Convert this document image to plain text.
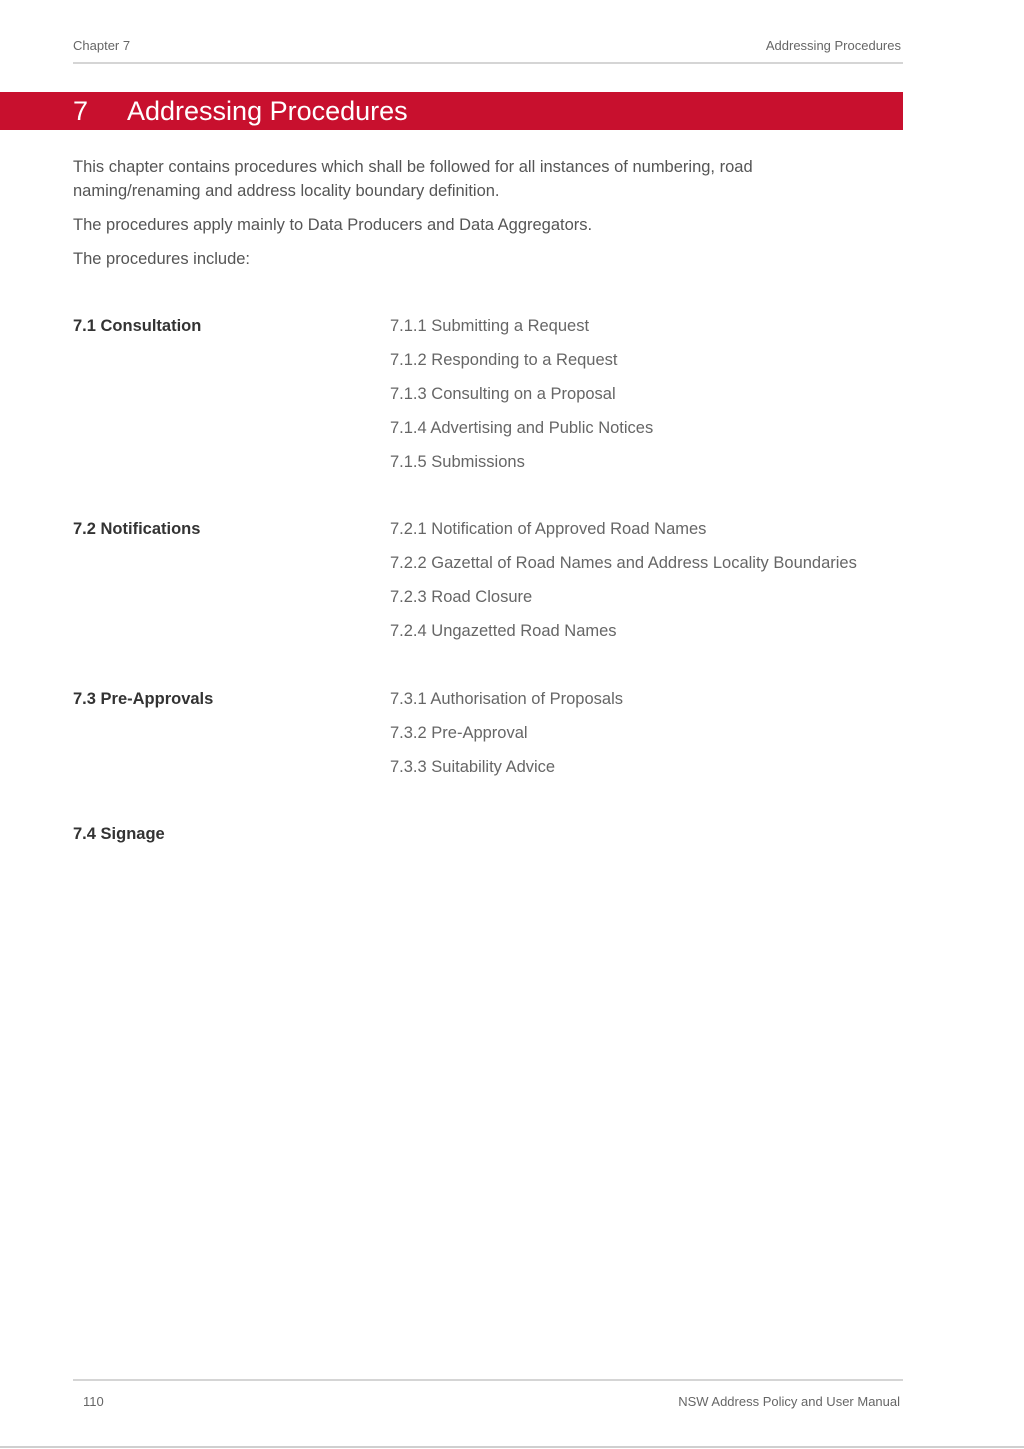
Chapter 7	Addressing Procedures
7 Addressing Procedures

This chapter contains procedures which shall be followed for all instances of numbering, road naming/renaming and address locality boundary definition.

The procedures apply mainly to Data Producers and Data Aggregators.

The procedures include:

7.1 Consultation	7.1.1 Submitting a Request
7.1.2 Responding to a Request
7.1.3 Consulting on a Proposal
7.1.4 Advertising and Public Notices
7.1.5 Submissions
7.2 Notifications	7.2.1 Notification of Approved Road Names
7.2.2 Gazettal of Road Names and Address Locality Boundaries
7.2.3 Road Closure
7.2.4 Ungazetted Road Names
7.3 Pre-Approvals	7.3.1 Authorisation of Proposals
7.3.2 Pre-Approval
7.3.3 Suitability Advice
7.4 Signage
110	NSW Address Policy and User Manual
